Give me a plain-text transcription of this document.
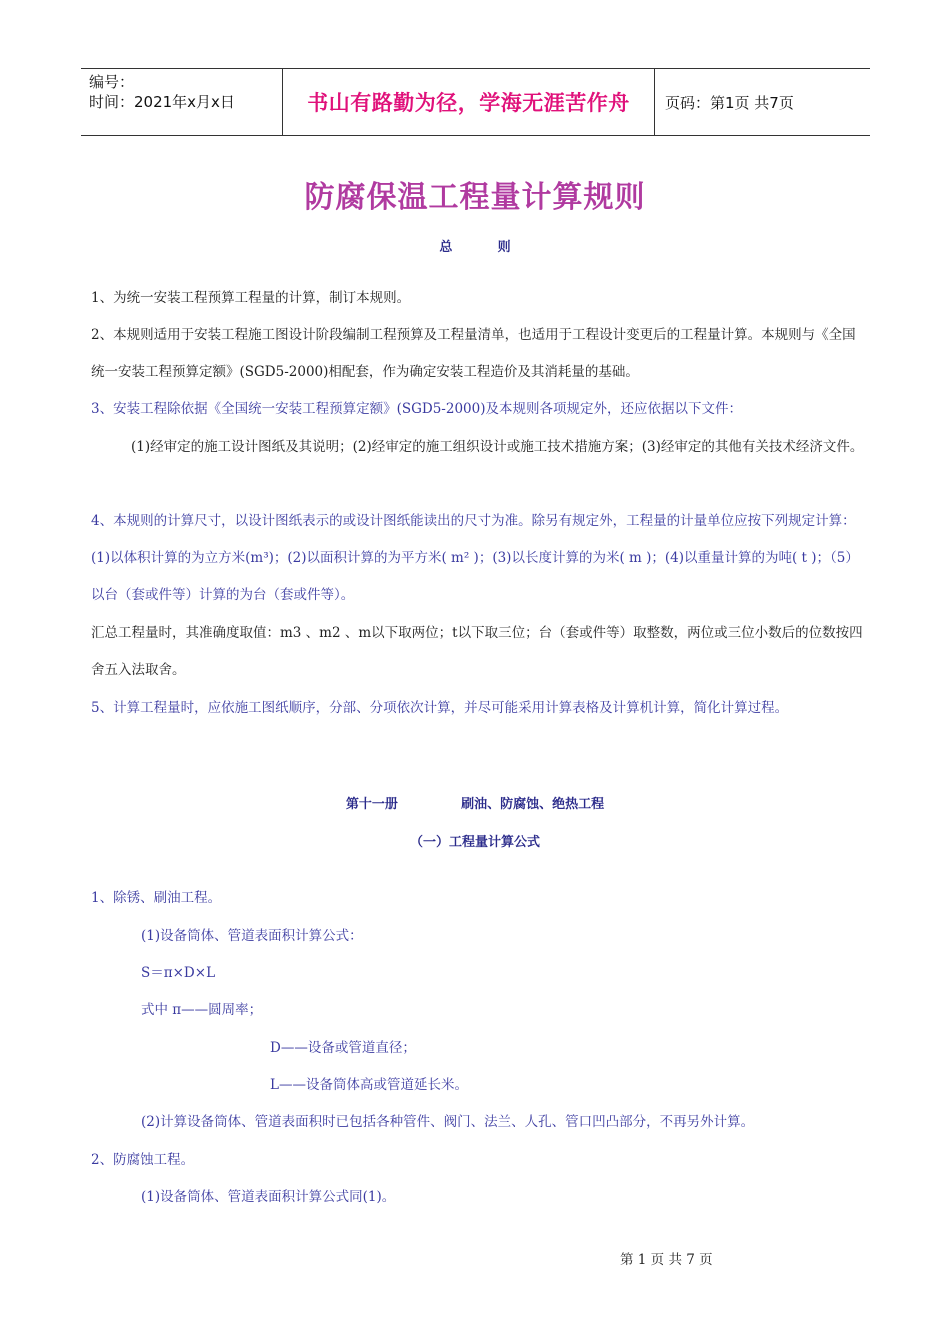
编号：
时间：2021年x月x日	书山有路勤为径，学海无涯苦作舟	页码：第1页 共7页
防腐保温工程量计算规则
总          则

1、为统一安装工程预算工程量的计算，制订本规则。

2、本规则适用于安装工程施工图设计阶段编制工程预算及工程量清单，也适用于工程设计变更后的工程量计算。本规则与《全国统一安装工程预算定额》(SGD5-2000)相配套，作为确定安装工程造价及其消耗量的基础。

3、安装工程除依据《全国统一安装工程预算定额》(SGD5-2000)及本规则各项规定外，还应依据以下文件：

(1)经审定的施工设计图纸及其说明；(2)经审定的施工组织设计或施工技术措施方案；(3)经审定的其他有关技术经济文件。

4、本规则的计算尺寸，以设计图纸表示的或设计图纸能读出的尺寸为准。除另有规定外，工程量的计量单位应按下列规定计算：(1)以体积计算的为立方米(m³)；(2)以面积计算的为平方米( m² )；(3)以长度计算的为米( m )；(4)以重量计算的为吨( t )；（5）以台（套或件等）计算的为台（套或件等）。

汇总工程量时，其准确度取值：m3 、m2 、m以下取两位；t以下取三位；台（套或件等）取整数，两位或三位小数后的位数按四舍五入法取舍。

5、计算工程量时，应依施工图纸顺序，分部、分项依次计算，并尽可能采用计算表格及计算机计算，简化计算过程。

第十一册              刷油、防腐蚀、绝热工程
（一）工程量计算公式
1、除锈、刷油工程。
(1)设备筒体、管道表面积计算公式：
S＝π×D×L
式中 π——圆周率；
D——设备或管道直径；
L——设备筒体高或管道延长米。
(2)计算设备筒体、管道表面积时已包括各种管件、阀门、法兰、人孔、管口凹凸部分，不再另外计算。
2、防腐蚀工程。
(1)设备筒体、管道表面积计算公式同(1)。
第 1 页 共 7 页
